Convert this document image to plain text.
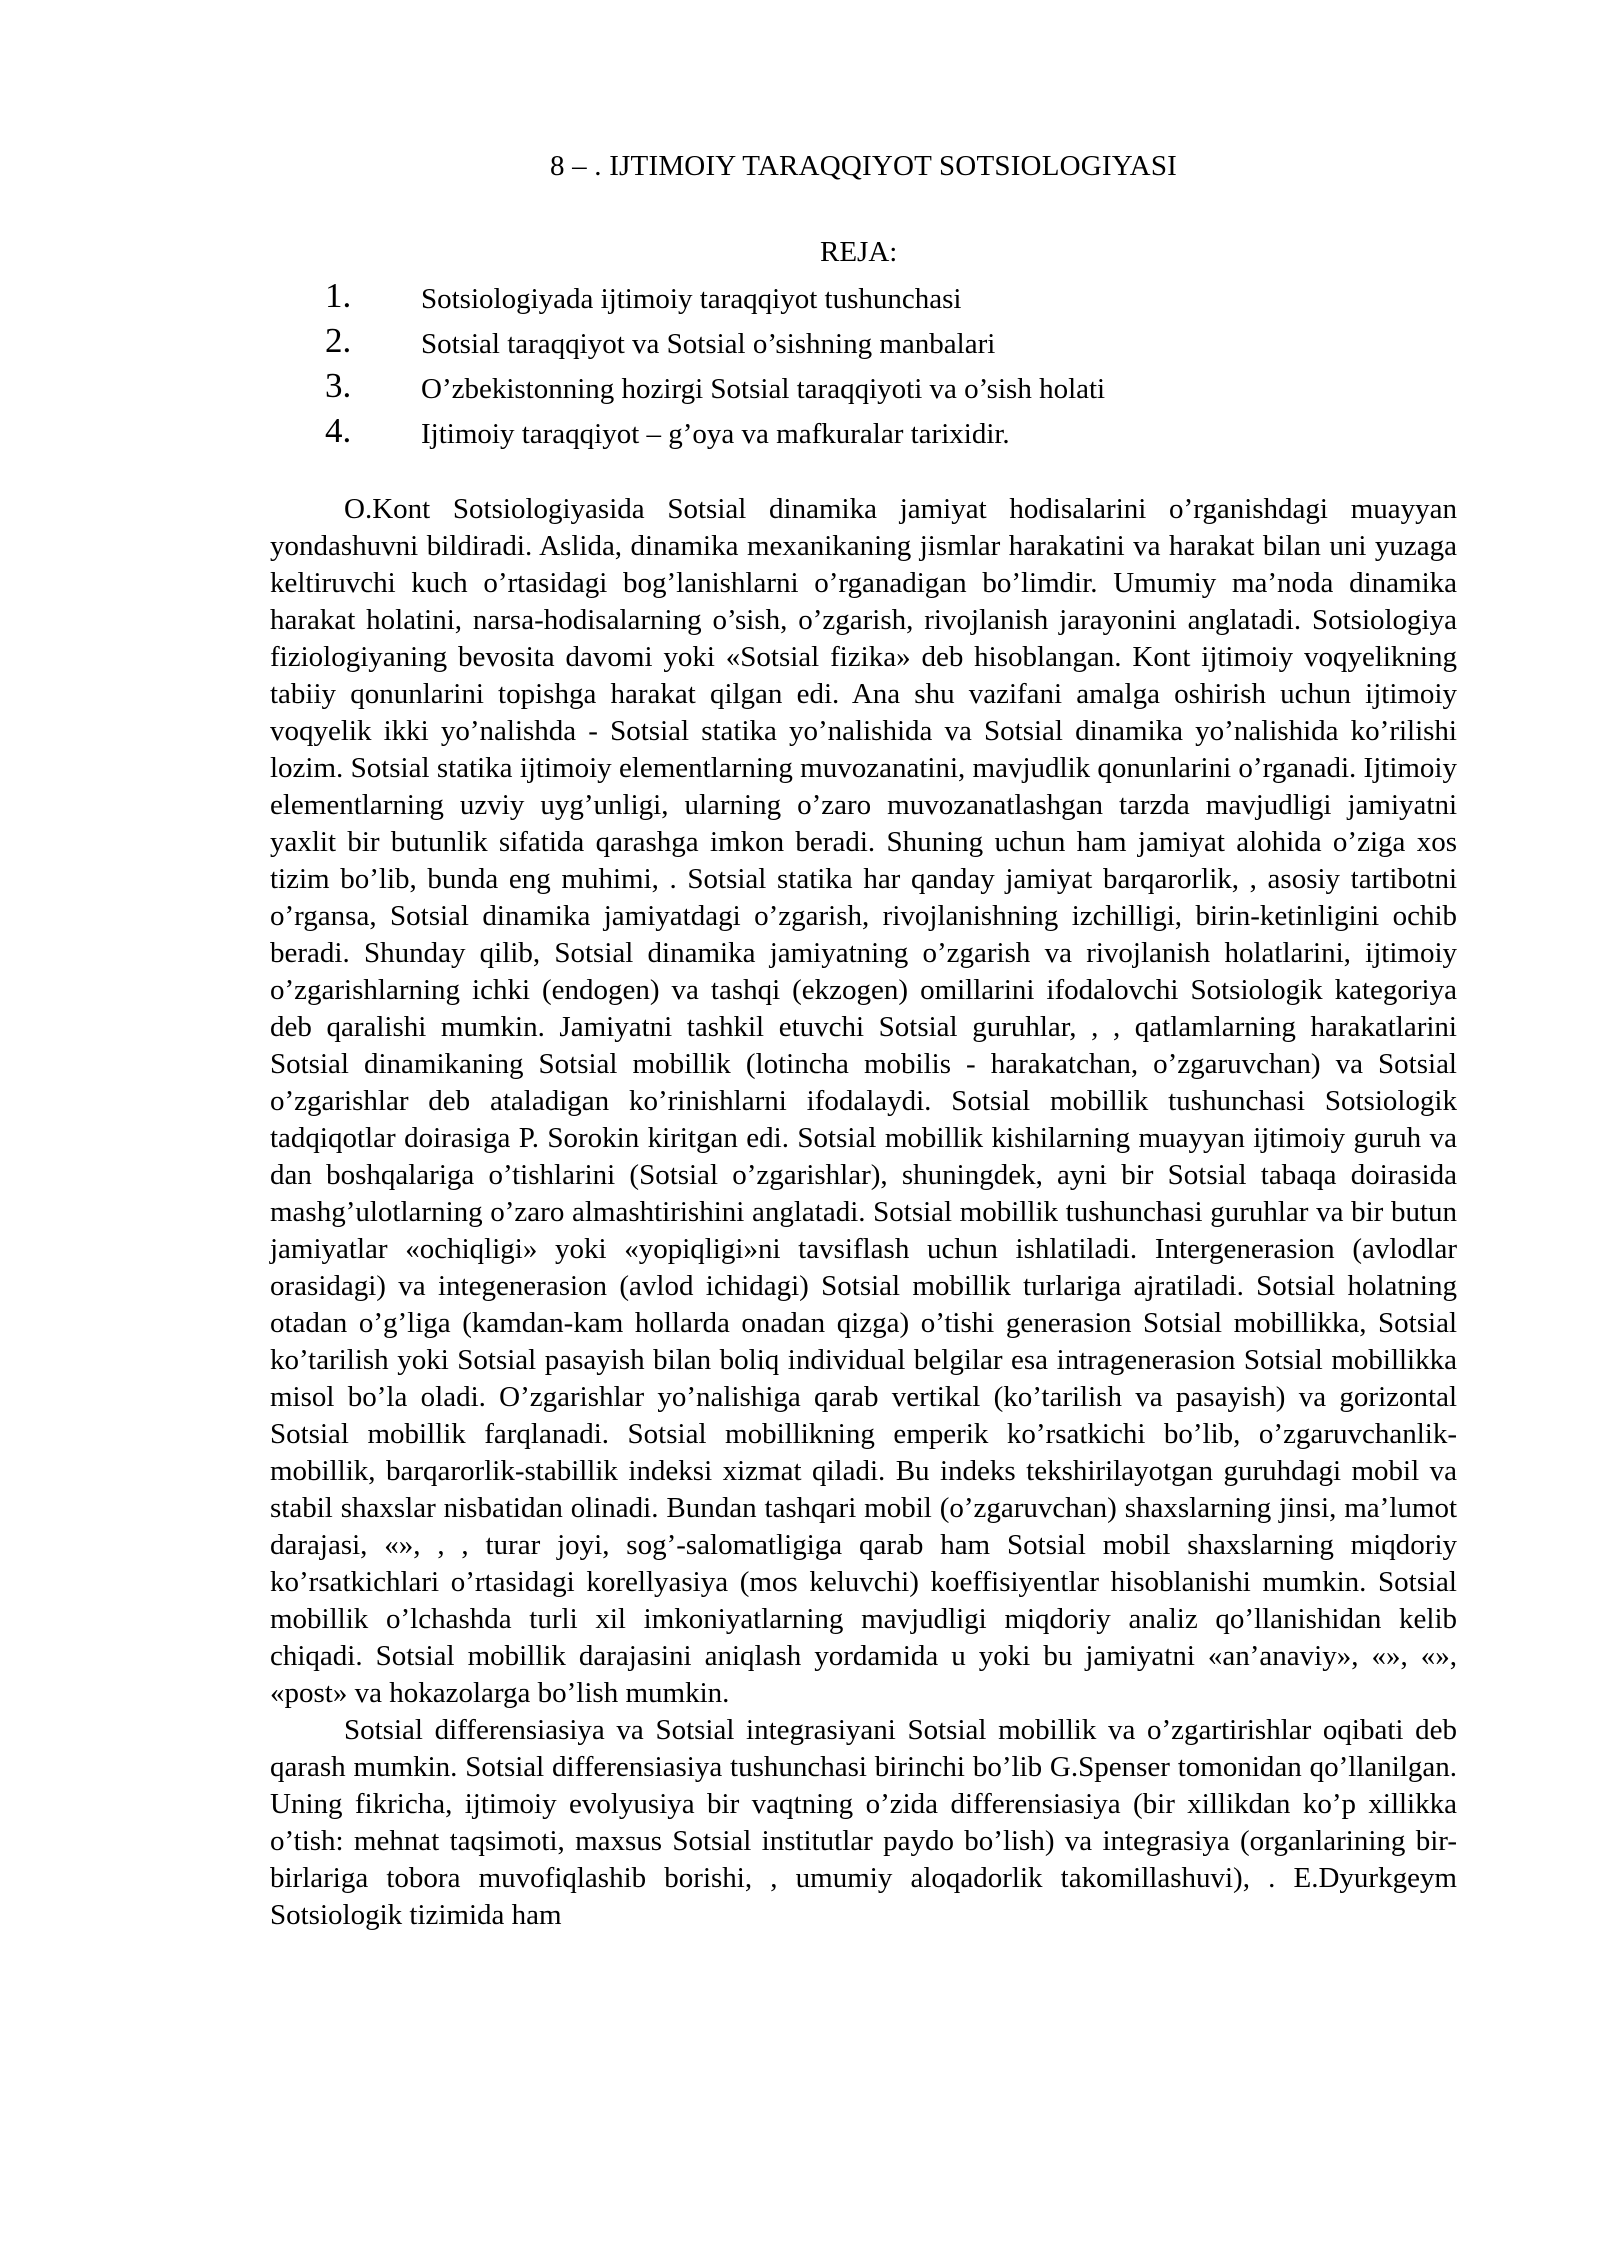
8 – . IJTIMOIY TARAQQIYOT SOTSIOLOGIYASI
REJA:
1. Sotsiologiyada ijtimoiy taraqqiyot tushunchasi
2. Sotsial taraqqiyot va Sotsial o’sishning manbalari
3. O’zbekistonning hozirgi Sotsial taraqqiyoti va o’sish holati
4. Ijtimoiy taraqqiyot – g’oya va mafkuralar tarixidir.

O.Kont Sotsiologiyasida Sotsial dinamika jamiyat hodisalarini o’rganishdagi muayyan yondashuvni bildiradi. Aslida, dinamika mexanikaning jismlar harakatini va harakat bilan uni yuzaga keltiruvchi kuch o’rtasidagi bog’lanishlarni o’rganadigan bo’limdir. Umumiy ma’noda dinamika harakat holatini, narsa-hodisalarning o’sish, o’zgarish, rivojlanish jarayonini anglatadi. Sotsiologiya fiziologiyaning bevosita davomi yoki «Sotsial fizika» deb hisoblangan. Kont ijtimoiy voqyelikning tabiiy qonunlarini topishga harakat qilgan edi. Ana shu vazifani amalga oshirish uchun ijtimoiy voqyelik ikki yo’nalishda - Sotsial statika yo’nalishida va Sotsial dinamika yo’nalishida ko’rilishi lozim. Sotsial statika ijtimoiy elementlarning muvozanatini, mavjudlik qonunlarini o’rganadi. Ijtimoiy elementlarning uzviy uyg’unligi, ularning o’zaro muvozanatlashgan tarzda mavjudligi jamiyatni yaxlit bir butunlik sifatida qarashga imkon beradi. Shuning uchun ham jamiyat alohida o’ziga xos tizim bo’lib, bunda eng muhimi, . Sotsial statika har qanday jamiyat barqarorlik, , asosiy tartibotni o’rgansa, Sotsial dinamika jamiyatdagi o’zgarish, rivojlanishning izchilligi, birin-ketinligini ochib beradi. Shunday qilib, Sotsial dinamika jamiyatning o’zgarish va rivojlanish holatlarini, ijtimoiy o’zgarishlarning ichki (endogen) va tashqi (ekzogen) omillarini ifodalovchi Sotsiologik kategoriya deb qaralishi mumkin. Jamiyatni tashkil etuvchi Sotsial guruhlar, , , qatlamlarning harakatlarini Sotsial dinamikaning Sotsial mobillik (lotincha mobilis - harakatchan, o’zgaruvchan) va Sotsial o’zgarishlar deb ataladigan ko’rinishlarni ifodalaydi. Sotsial mobillik tushunchasi Sotsiologik tadqiqotlar doirasiga P. Sorokin kiritgan edi. Sotsial mobillik kishilarning muayyan ijtimoiy guruh va dan boshqalariga o’tishlarini (Sotsial o’zgarishlar), shuningdek, ayni bir Sotsial tabaqa doirasida mashg’ulotlarning o’zaro almashtirishini anglatadi. Sotsial mobillik tushunchasi guruhlar va bir butun jamiyatlar «ochiqligi» yoki «yopiqligi»ni tavsiflash uchun ishlatiladi. Intergenerasion (avlodlar orasidagi) va integenerasion (avlod ichidagi) Sotsial mobillik turlariga ajratiladi. Sotsial holatning otadan o’g’liga (kamdan-kam hollarda onadan qizga) o’tishi generasion Sotsial mobillikka, Sotsial ko’tarilish yoki Sotsial pasayish bilan boliq individual belgilar esa intragenerasion Sotsial mobillikka misol bo’la oladi. O’zgarishlar yo’nalishiga qarab vertikal (ko’tarilish va pasayish) va gorizontal Sotsial mobillik farqlanadi. Sotsial mobillikning emperik ko’rsatkichi bo’lib, o’zgaruvchanlik-mobillik, barqarorlik-stabillik indeksi xizmat qiladi. Bu indeks tekshirilayotgan guruhdagi mobil va stabil shaxslar nisbatidan olinadi. Bundan tashqari mobil (o’zgaruvchan) shaxslarning jinsi, ma’lumot darajasi, «», , , turar joyi, sog’-salomatligiga qarab ham Sotsial mobil shaxslarning miqdoriy ko’rsatkichlari o’rtasidagi korellyasiya (mos keluvchi) koeffisiyentlar hisoblanishi mumkin. Sotsial mobillik o’lchashda turli xil imkoniyatlarning mavjudligi miqdoriy analiz qo’llanishidan kelib chiqadi. Sotsial mobillik darajasini aniqlash yordamida u yoki bu jamiyatni «an’anaviy», «», «», «post» va hokazolarga bo’lish mumkin.

Sotsial differensiasiya va Sotsial integrasiyani Sotsial mobillik va o’zgartirishlar oqibati deb qarash mumkin. Sotsial differensiasiya tushunchasi birinchi bo’lib G.Spenser tomonidan qo’llanilgan. Uning fikricha, ijtimoiy evolyusiya bir vaqtning o’zida differensiasiya (bir xillikdan ko’p xillikka o’tish: mehnat taqsimoti, maxsus Sotsial institutlar paydo bo’lish) va integrasiya (organlarining bir-birlariga tobora muvofiqlashib borishi, , umumiy aloqadorlik takomillashuvi), . E.Dyurkgeym Sotsiologik tizimida ham
